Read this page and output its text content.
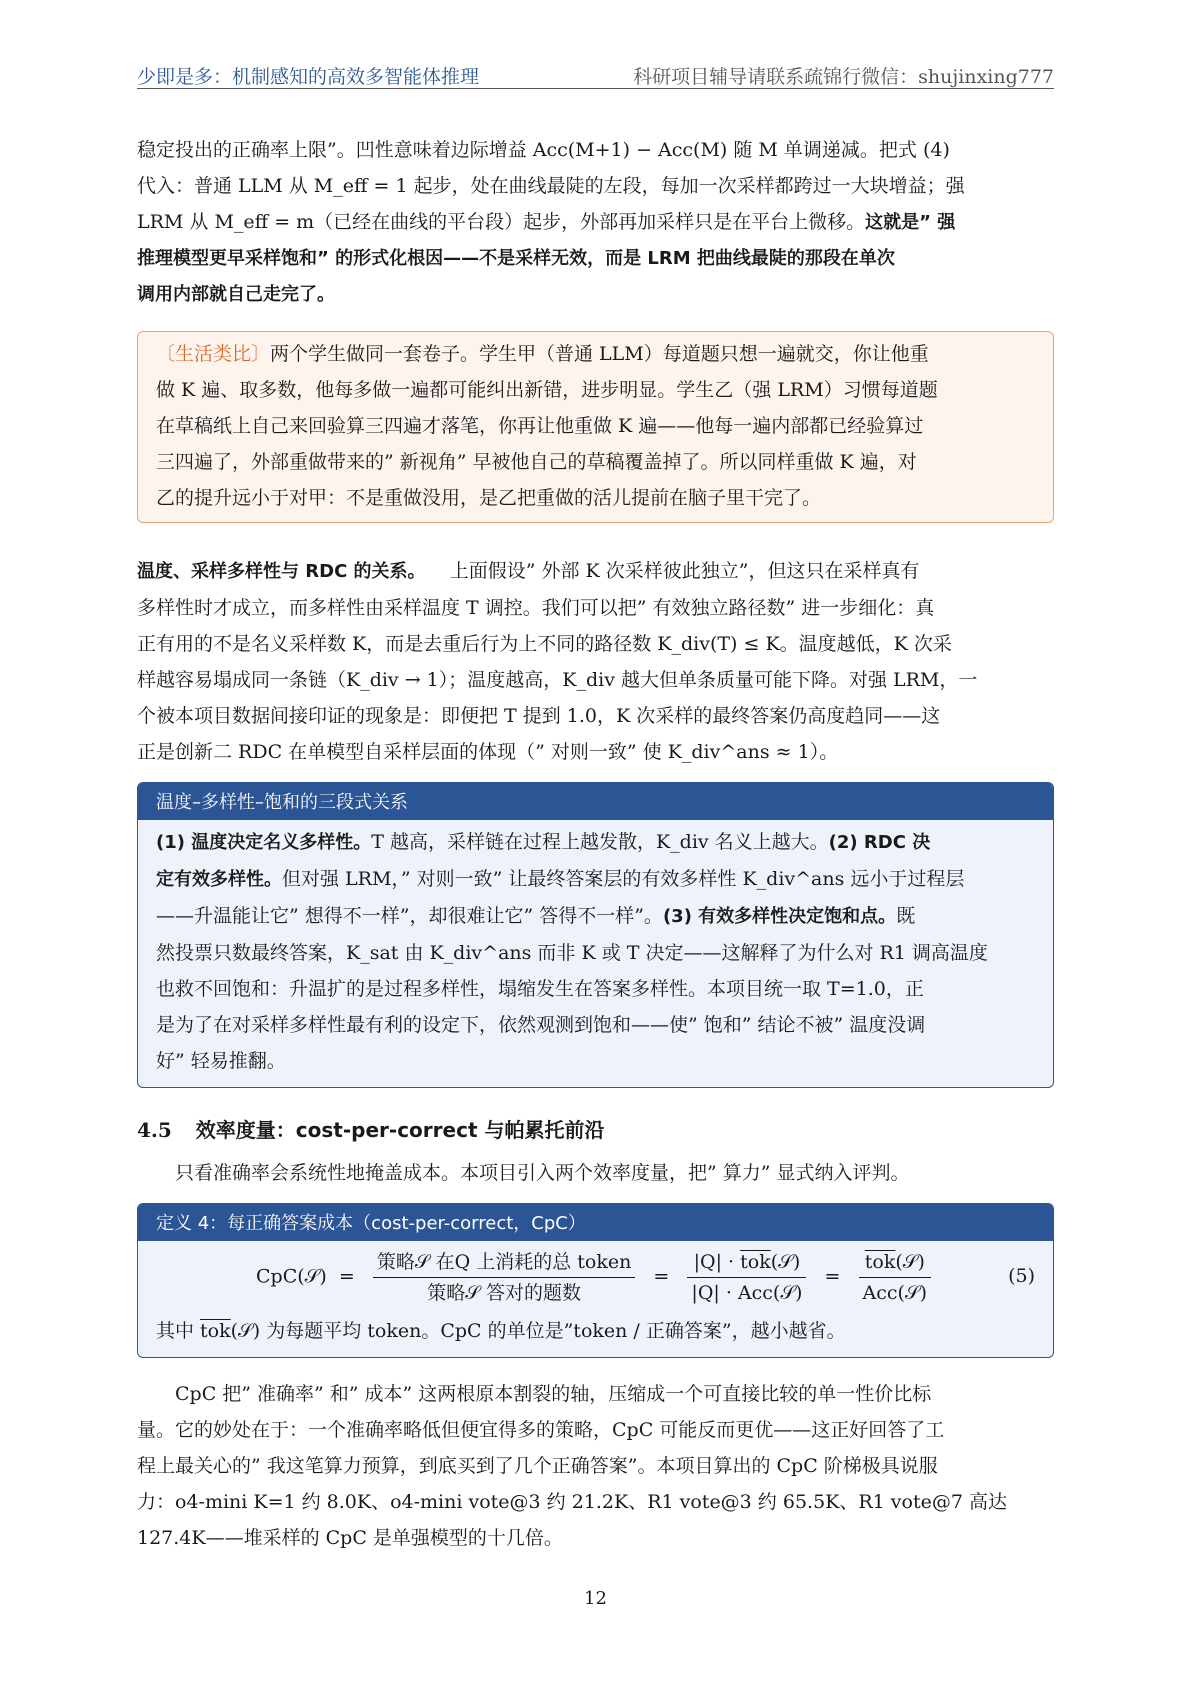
少即是多：机制感知的高效多智能体推理	科研项目辅导请联系疏锦行微信：shujinxing777

稳定投出的正确率上限”。凹性意味着边际增益 Acc(M+1) − Acc(M) 随 M 单调递减。把式 (4)

代入：普通 LLM 从 M_eff = 1 起步，处在曲线最陡的左段，每加一次采样都跨过一大块增益；强

LRM 从 M_eff = m（已经在曲线的平台段）起步，外部再加采样只是在平台上微移。这就是” 强

推理模型更早采样饱和” 的形式化根因——不是采样无效，而是 LRM 把曲线最陡的那段在单次

调用内部就自己走完了。

〔生活类比〕两个学生做同一套卷子。学生甲（普通 LLM）每道题只想一遍就交，你让他重

做 K 遍、取多数，他每多做一遍都可能纠出新错，进步明显。学生乙（强 LRM）习惯每道题

在草稿纸上自己来回验算三四遍才落笔，你再让他重做 K 遍——他每一遍内部都已经验算过

三四遍了，外部重做带来的” 新视角” 早被他自己的草稿覆盖掉了。所以同样重做 K 遍，对

乙的提升远小于对甲：不是重做没用，是乙把重做的活儿提前在脑子里干完了。

温度、采样多样性与 RDC 的关系。 上面假设” 外部 K 次采样彼此独立”，但这只在采样真有

多样性时才成立，而多样性由采样温度 T 调控。我们可以把” 有效独立路径数” 进一步细化：真

正有用的不是名义采样数 K，而是去重后行为上不同的路径数 K_div(T) ≤ K。温度越低，K 次采

样越容易塌成同一条链（K_div → 1）；温度越高，K_div 越大但单条质量可能下降。对强 LRM，一

个被本项目数据间接印证的现象是：即便把 T 提到 1.0，K 次采样的最终答案仍高度趋同——这

正是创新二 RDC 在单模型自采样层面的体现（” 对则一致” 使 K_div^ans ≈ 1）。

温度–多样性–饱和的三段式关系

(1) 温度决定名义多样性。T 越高，采样链在过程上越发散，K_div 名义上越大。(2) RDC 决

定有效多样性。但对强 LRM，” 对则一致” 让最终答案层的有效多样性 K_div^ans 远小于过程层

——升温能让它” 想得不一样”，却很难让它” 答得不一样”。(3) 有效多样性决定饱和点。既

然投票只数最终答案，K_sat 由 K_div^ans 而非 K 或 T 决定——这解释了为什么对 R1 调高温度

也救不回饱和：升温扩的是过程多样性，塌缩发生在答案多样性。本项目统一取 T=1.0，正

是为了在对采样多样性最有利的设定下，依然观测到饱和——使” 饱和” 结论不被” 温度没调

好” 轻易推翻。

4.5 效率度量：cost-per-correct 与帕累托前沿

只看准确率会系统性地掩盖成本。本项目引入两个效率度量，把” 算力” 显式纳入评判。

定义 4：每正确答案成本（cost-per-correct，CpC）
CpC(𝒮)  = $\frac{\text{策略𝒮 在Q 上消耗的总 token}}{\text{策略𝒮 答对的题数}} = \frac{|Q| \cdot \overline{tok}(𝒮)}{\text{|Q| · Acc(𝒮)}} = \frac{\overline{tok}(𝒮)}{\text{Acc(𝒮)}}$	(5)

其中 $\overline{tok}(𝒮)$ 为每题平均 token。CpC 的单位是”token / 正确答案”，越小越省。

CpC 把” 准确率” 和” 成本” 这两根原本割裂的轴，压缩成一个可直接比较的单一性价比标

量。它的妙处在于：一个准确率略低但便宜得多的策略，CpC 可能反而更优——这正好回答了工

程上最关心的” 我这笔算力预算，到底买到了几个正确答案”。本项目算出的 CpC 阶梯极具说服

力：o4-mini K=1 约 8.0K、o4-mini vote@3 约 21.2K、R1 vote@3 约 65.5K、R1 vote@7 高达

127.4K——堆采样的 CpC 是单强模型的十几倍。

12
